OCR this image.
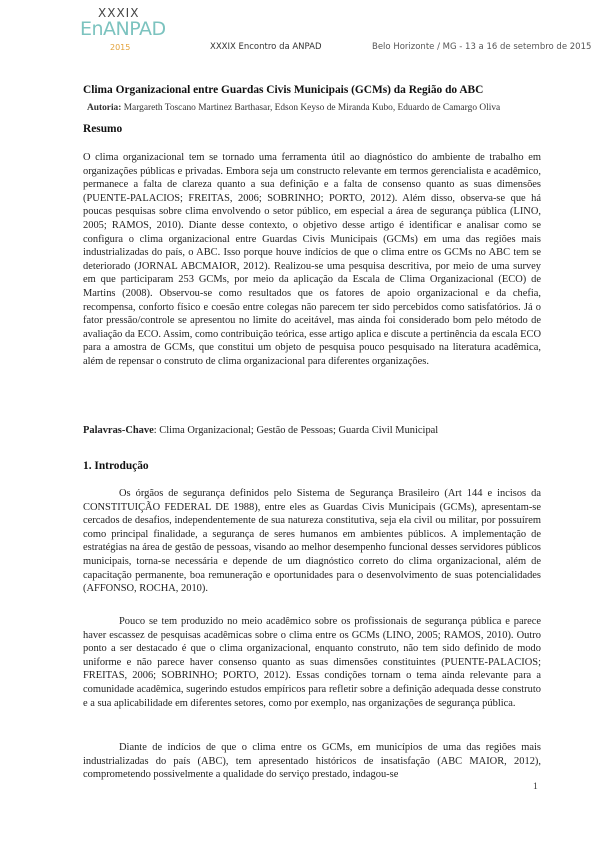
XXXIX
EnANPAD
2015	XXXIX Encontro da ANPAD	Belo Horizonte / MG - 13 a 16 de setembro de 2015
Clima Organizacional entre Guardas Civis Municipais (GCMs) da Região do ABC
Autoria: Margareth Toscano Martinez Barthasar, Edson Keyso de Miranda Kubo, Eduardo de Camargo Oliva
Resumo
O clima organizacional tem se tornado uma ferramenta útil ao diagnóstico do ambiente de trabalho em organizações públicas e privadas. Embora seja um constructo relevante em termos gerencialista e acadêmico, permanece a falta de clareza quanto a sua definição e a falta de consenso quanto as suas dimensões (PUENTE-PALACIOS; FREITAS, 2006; SOBRINHO; PORTO, 2012). Além disso, observa-se que há poucas pesquisas sobre clima envolvendo o setor público, em especial a área de segurança pública (LINO, 2005; RAMOS, 2010). Diante desse contexto, o objetivo desse artigo é identificar e analisar como se configura o clima organizacional entre Guardas Civis Municipais (GCMs) em uma das regiões mais industrializadas do país, o ABC. Isso porque houve indícios de que o clima entre os GCMs no ABC tem se deteriorado (JORNAL ABCMAIOR, 2012). Realizou-se uma pesquisa descritiva, por meio de uma survey em que participaram 253 GCMs, por meio da aplicação da Escala de Clima Organizacional (ECO) de Martins (2008). Observou-se como resultados que os fatores de apoio organizacional e da chefia, recompensa, conforto físico e coesão entre colegas não parecem ter sido percebidos como satisfatórios. Já o fator pressão/controle se apresentou no limite do aceitável, mas ainda foi considerado bom pelo método de avaliação da ECO. Assim, como contribuição teórica, esse artigo aplica e discute a pertinência da escala ECO para a amostra de GCMs, que constitui um objeto de pesquisa pouco pesquisado na literatura acadêmica, além de repensar o construto de clima organizacional para diferentes organizações.
Palavras-Chave: Clima Organizacional; Gestão de Pessoas; Guarda Civil Municipal
1. Introdução
Os órgãos de segurança definidos pelo Sistema de Segurança Brasileiro (Art 144 e incisos da CONSTITUIÇÃO FEDERAL DE 1988), entre eles as Guardas Civis Municipais (GCMs), apresentam-se cercados de desafios, independentemente de sua natureza constitutiva, seja ela civil ou militar, por possuírem como principal finalidade, a segurança de seres humanos em ambientes públicos. A implementação de estratégias na área de gestão de pessoas, visando ao melhor desempenho funcional desses servidores públicos municipais, torna-se necessária e depende de um diagnóstico correto do clima organizacional, além de capacitação permanente, boa remuneração e oportunidades para o desenvolvimento de suas potencialidades (AFFONSO, ROCHA, 2010).
Pouco se tem produzido no meio acadêmico sobre os profissionais de segurança pública e parece haver escassez de pesquisas acadêmicas sobre o clima entre os GCMs (LINO, 2005; RAMOS, 2010). Outro ponto a ser destacado é que o clima organizacional, enquanto construto, não tem sido definido de modo uniforme e não parece haver consenso quanto as suas dimensões constituintes (PUENTE-PALACIOS; FREITAS, 2006; SOBRINHO; PORTO, 2012). Essas condições tornam o tema ainda relevante para a comunidade acadêmica, sugerindo estudos empíricos para refletir sobre a definição adequada desse construto e a sua aplicabilidade em diferentes setores, como por exemplo, nas organizações de segurança pública.
Diante de indícios de que o clima entre os GCMs, em municípios de uma das regiões mais industrializadas do país (ABC), tem apresentado históricos de insatisfação (ABC MAIOR, 2012), comprometendo possivelmente a qualidade do serviço prestado, indagou-se
1
